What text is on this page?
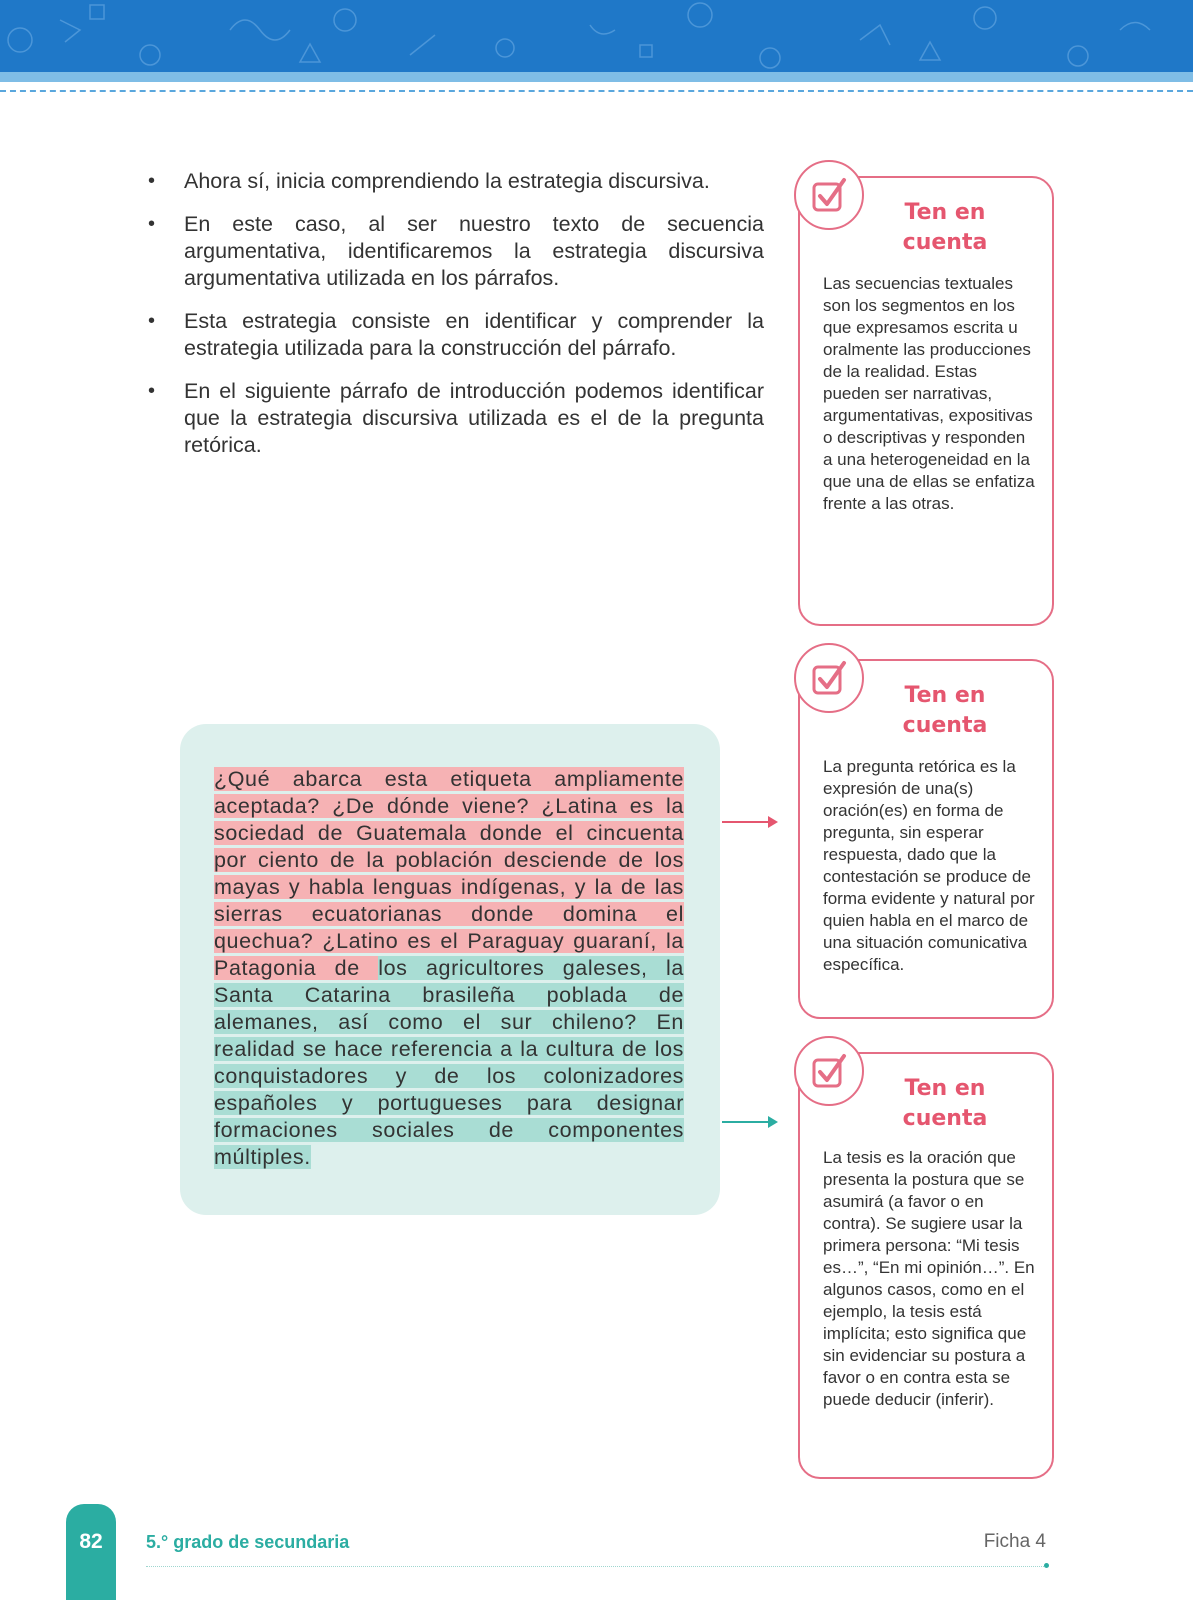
• Ahora sí, inicia comprendiendo la estrategia discursiva.
• En este caso, al ser nuestro texto de secuencia argumentativa, identificaremos la estrategia discursiva argumentativa utilizada en los párrafos.
• Esta estrategia consiste en identificar y comprender la estrategia utilizada para la construcción del párrafo.
• En el siguiente párrafo de introducción podemos identificar que la estrategia discursiva utilizada es el de la pregunta retórica.
Ten en
cuenta
Las secuencias textuales son los segmentos en los que expresamos escrita u oralmente las producciones de la realidad. Estas pueden ser narrativas, argumentativas, expositivas o descriptivas y responden a una heterogeneidad en la que una de ellas se enfatiza frente a las otras.
Ten en
cuenta
La pregunta retórica es la expresión de una(s) oración(es) en forma de pregunta, sin esperar respuesta, dado que la contestación se produce de forma evidente y natural por quien habla en el marco de una situación comunicativa específica.
Ten en
cuenta
La tesis es la oración que presenta la postura que se asumirá (a favor o en contra). Se sugiere usar la primera persona: “Mi tesis es…”, “En mi opinión…”. En algunos casos, como en el ejemplo, la tesis está implícita; esto significa que sin evidenciar su postura a favor o en contra esta se puede deducir (inferir).
¿Qué abarca esta etiqueta ampliamente aceptada? ¿De dónde viene? ¿Latina es la sociedad de Guatemala donde el cincuenta por ciento de la población desciende de los mayas y habla lenguas indígenas, y la de las sierras ecuatorianas donde domina el quechua? ¿Latino es el Paraguay guaraní, la Patagonia de los agricultores galeses, la Santa Catarina brasileña poblada de alemanes, así como el sur chileno? En realidad se hace referencia a la cultura de los conquistadores y de los colonizadores españoles y portugueses para designar formaciones sociales de componentes múltiples.
82	5.° grado de secundaria	Ficha 4
